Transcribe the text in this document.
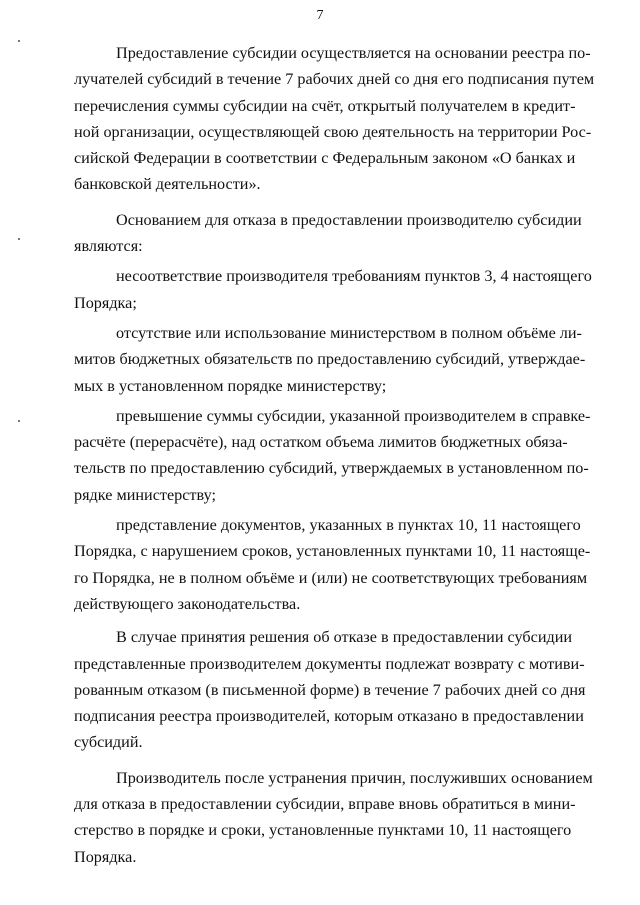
7

Предоставление субсидии осуществляется на основании реестра по-
лучателей субсидий в течение 7 рабочих дней со дня его подписания путем
перечисления суммы субсидии на счёт, открытый получателем в кредит-
ной организации, осуществляющей свою деятельность на территории Рос-
сийской Федерации в соответствии с Федеральным законом «О банках и
банковской деятельности».

Основанием для отказа в предоставлении производителю субсидии
являются:

несоответствие производителя требованиям пунктов 3, 4 настоящего
Порядка;

отсутствие или использование министерством в полном объёме ли-
митов бюджетных обязательств по предоставлению субсидий, утверждае-
мых в установленном порядке министерству;

превышение суммы субсидии, указанной производителем в справке-
расчёте (перерасчёте), над остатком объема лимитов бюджетных обяза-
тельств по предоставлению субсидий, утверждаемых в установленном по-
рядке министерству;

представление документов, указанных в пунктах 10, 11 настоящего
Порядка, с нарушением сроков, установленных пунктами 10, 11 настояще-
го Порядка, не в полном объёме и (или) не соответствующих требованиям
действующего законодательства.

В случае принятия решения об отказе в предоставлении субсидии
представленные производителем документы подлежат возврату с мотиви-
рованным отказом (в письменной форме) в течение 7 рабочих дней со дня
подписания реестра производителей, которым отказано в предоставлении
субсидий.

Производитель после устранения причин, послуживших основанием
для отказа в предоставлении субсидии, вправе вновь обратиться в мини-
стерство в порядке и сроки, установленные пунктами 10, 11 настоящего
Порядка.
